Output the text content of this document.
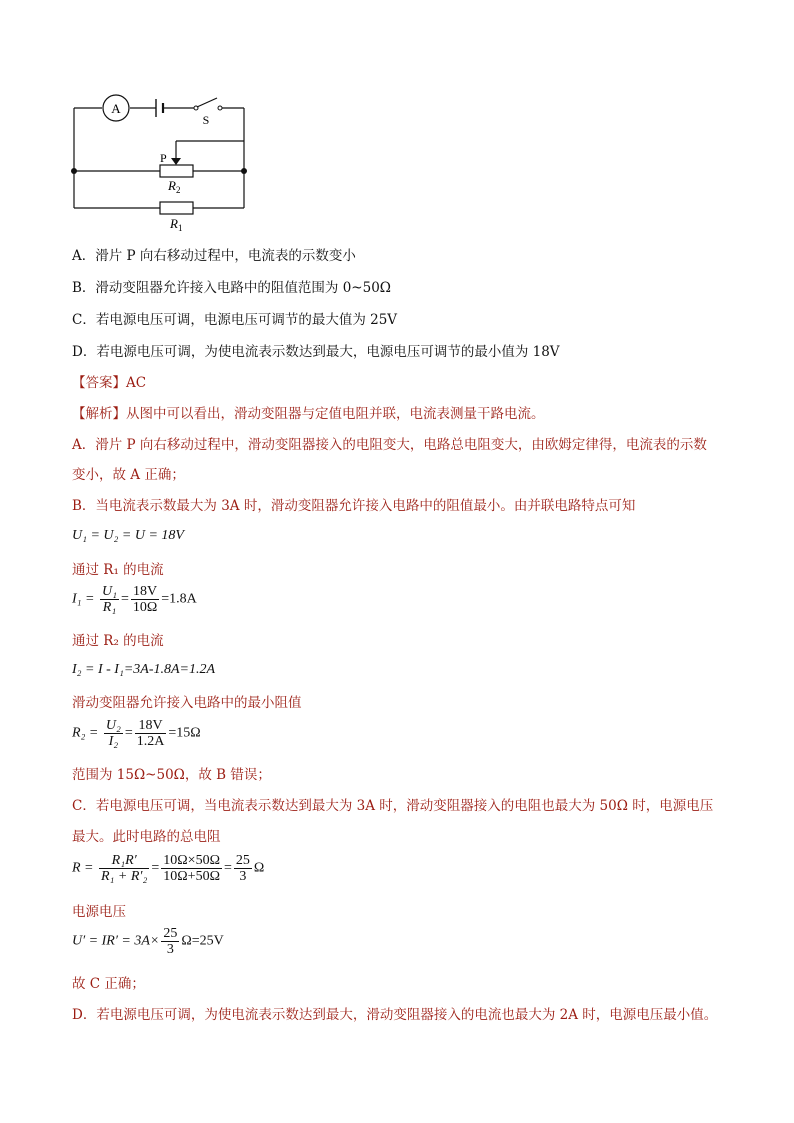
A
S
P
$R_2$
$R_1$
A．滑片 P 向右移动过程中，电流表的示数变小
B．滑动变阻器允许接入电路中的阻值范围为 0~50Ω
C．若电源电压可调，电源电压可调节的最大值为 25V
D．若电源电压可调，为使电流表示数达到最大，电源电压可调节的最小值为 18V
【答案】AC
【解析】从图中可以看出，滑动变阻器与定值电阻并联，电流表测量干路电流。
A．滑片 P 向右移动过程中，滑动变阻器接入的电阻变大，电路总电阻变大，由欧姆定律得，电流表的示数
变小，故 A 正确；
B．当电流表示数最大为 3A 时，滑动变阻器允许接入电路中的阻值最小。由并联电路特点可知
U₁ = U₂ = U = 18V
通过 R₁ 的电流
$I_1 = \frac{\text{U₁}}{\text{R₁}} = \frac{18V}{10\Omega} =1.8A$
通过 R₂ 的电流
I₂ = I - I₁=3A-1.8A=1.2A
滑动变阻器允许接入电路中的最小阻值
$R_2 = \frac{\text{U₂}}{\text{I₂}} = \frac{18V}{1.2A} =15\Omega$
范围为 15Ω~50Ω，故 B 错误；
C．若电源电压可调，当电流表示数达到最大为 3A 时，滑动变阻器接入的电阻也最大为 50Ω 时，电源电压
最大。此时电路的总电阻
$R = \frac{\text{R₁R′}}{\text{R₁ + R′₂}} = \frac{10\Omega\times 50\Omega}{10\Omega+50\Omega} = \frac{25}{3}$ Ω
电源电压
$U' = IR' = 3A\times \frac{25}{3} \Omega=25V$
故 C 正确；
D．若电源电压可调，为使电流表示数达到最大，滑动变阻器接入的电流也最大为 2A 时，电源电压最小值。
